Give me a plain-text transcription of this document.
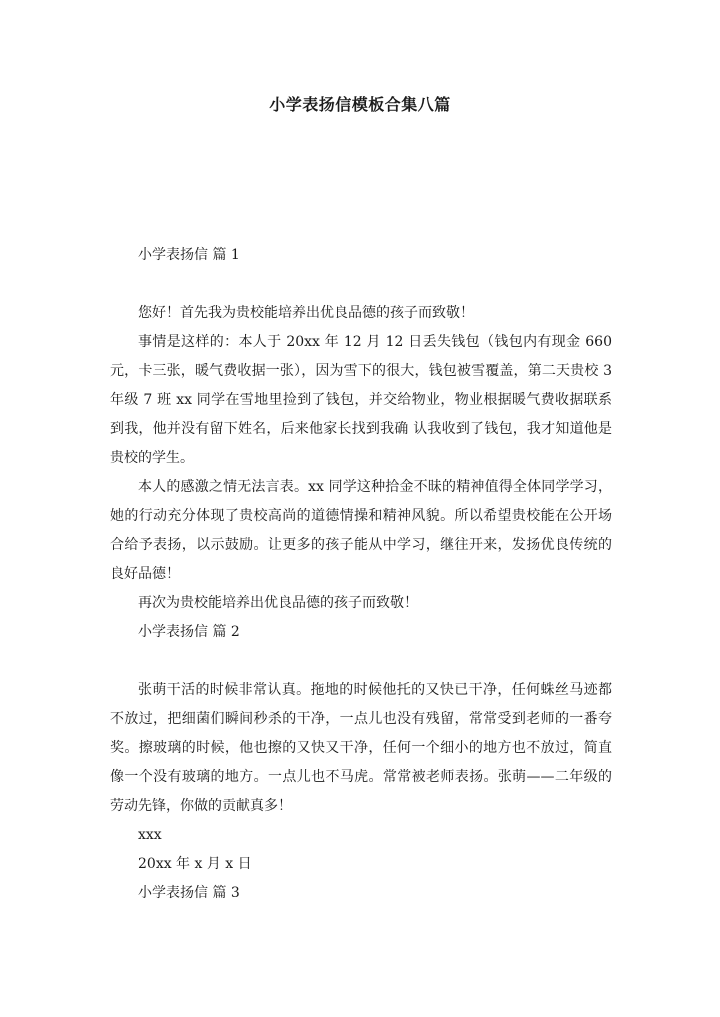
小学表扬信模板合集八篇
小学表扬信 篇 1

您好！首先我为贵校能培养出优良品德的孩子而致敬！

事情是这样的：本人于 20xx 年 12 月 12 日丢失钱包（钱包内有现金 660 元，卡三张，暖气费收据一张），因为雪下的很大，钱包被雪覆盖，第二天贵校 3 年级 7 班 xx 同学在雪地里捡到了钱包，并交给物业，物业根据暖气费收据联系到我，他并没有留下姓名，后来他家长找到我确 认我收到了钱包，我才知道他是贵校的学生。

本人的感激之情无法言表。xx 同学这种拾金不昧的精神值得全体同学学习，她的行动充分体现了贵校高尚的道德情操和精神风貌。所以希望贵校能在公开场合给予表扬，以示鼓励。让更多的孩子能从中学习，继往开来，发扬优良传统的良好品德！

再次为贵校能培养出优良品德的孩子而致敬！
小学表扬信 篇 2

张萌干活的时候非常认真。拖地的时候他托的又快已干净，任何蛛丝马迹都不放过，把细菌们瞬间秒杀的干净，一点儿也没有残留，常常受到老师的一番夸奖。擦玻璃的时候，他也擦的又快又干净，任何一个细小的地方也不放过，简直像一个没有玻璃的地方。一点儿也不马虎。常常被老师表扬。张萌——二年级的劳动先锋，你做的贡献真多！

xxx
20xx 年 x 月 x 日
小学表扬信 篇 3
